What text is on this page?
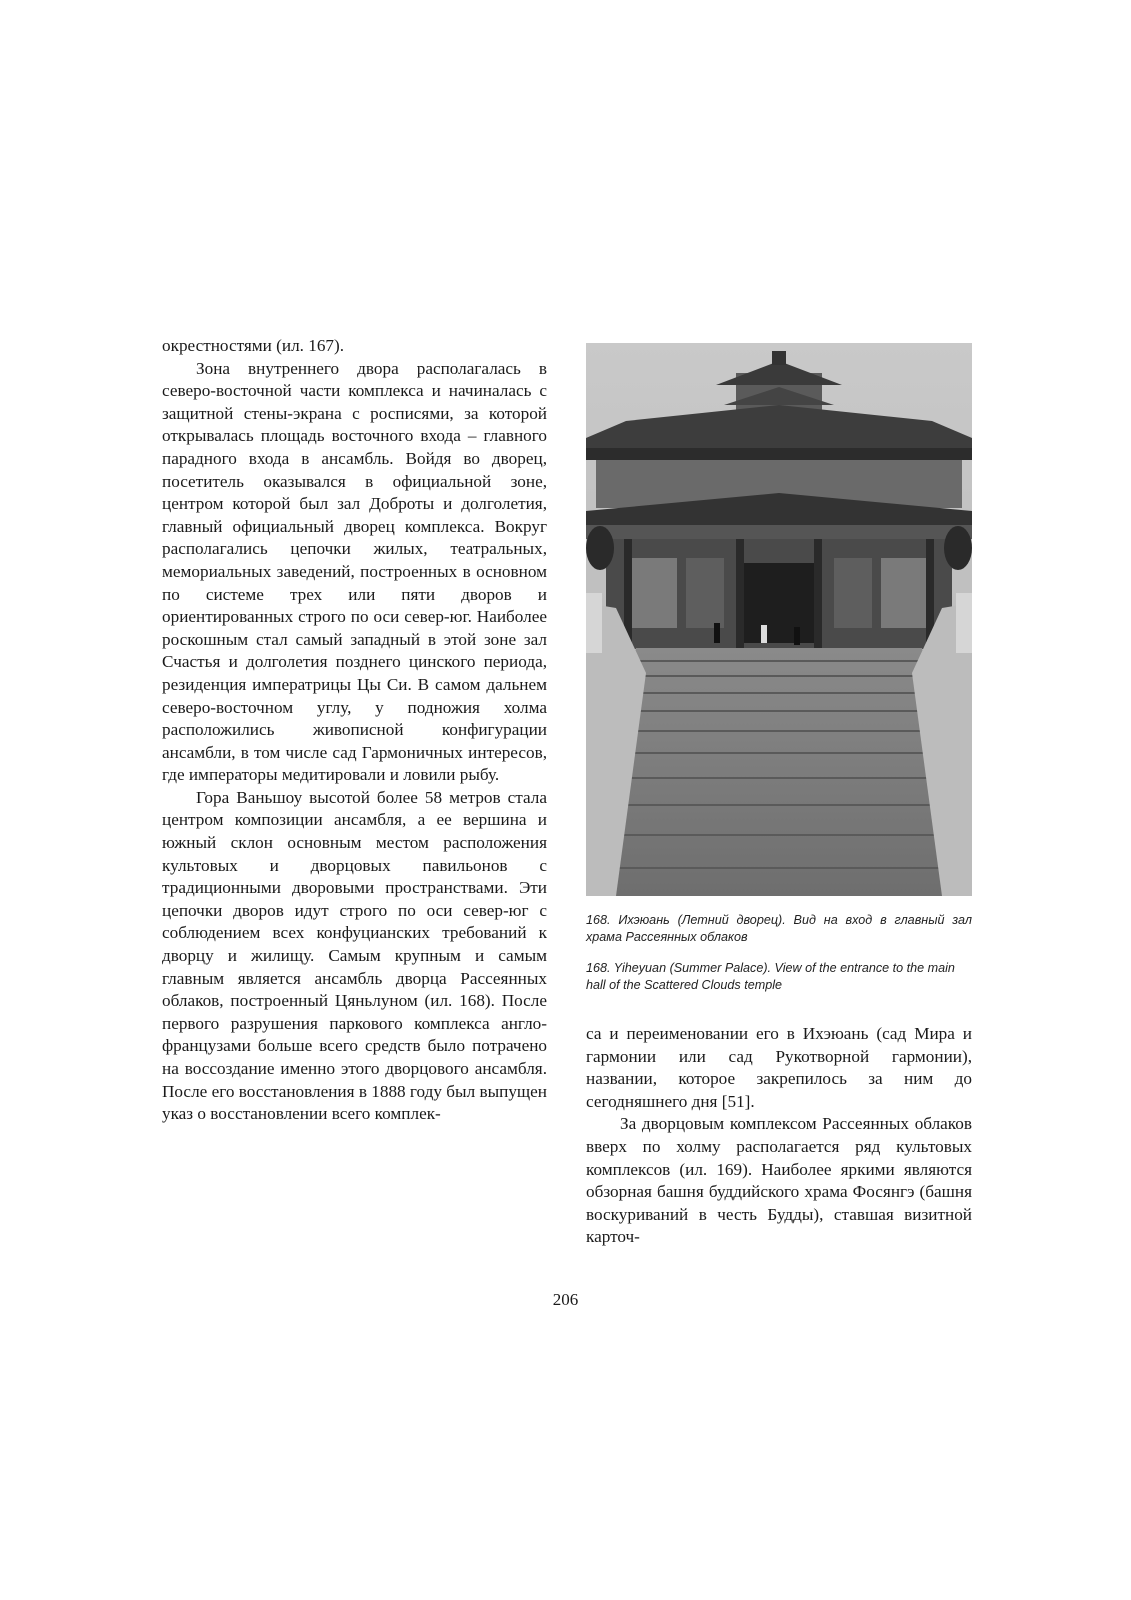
окрестностями (ил. 167).

Зона внутреннего двора располагалась в северо-восточной части комплекса и начиналась с защитной стены-экрана с росписями, за которой открывалась площадь восточного входа – главного парадного входа в ансамбль. Войдя во дворец, посетитель оказывался в официальной зоне, центром которой был зал Доброты и долголетия, главный официальный дворец комплекса. Вокруг располагались цепочки жилых, театральных, мемориальных заведений, построенных в основном по системе трех или пяти дворов и ориентированных строго по оси север-юг. Наиболее роскошным стал самый западный в этой зоне зал Счастья и долголетия позднего цинского периода, резиденция императрицы Цы Си. В самом дальнем северо-восточном углу, у подножия холма расположились живописной конфигурации ансамбли, в том числе сад Гармоничных интересов, где императоры медитировали и ловили рыбу.

Гора Ваньшоу высотой более 58 метров стала центром композиции ансамбля, а ее вершина и южный склон основным местом расположения культовых и дворцовых павильонов с традиционными дворовыми пространствами. Эти цепочки дворов идут строго по оси север-юг с соблюдением всех конфуцианских требований к дворцу и жилищу. Самым крупным и самым главным является ансамбль дворца Рассеянных облаков, построенный Цяньлуном (ил. 168). После первого разрушения паркового комплекса англо-французами больше всего средств было потрачено на воссоздание именно этого дворцового ансамбля. После его восстановления в 1888 году был выпущен указ о восстановлении всего комплек-

168. Ихэюань (Летний дворец). Вид на вход в главный зал храма Рассеянных облаков
168. Yiheyuan (Summer Palace). View of the entrance to the main hall of the Scattered Clouds temple

са и переименовании его в Ихэюань (сад Мира и гармонии или сад Рукотворной гармонии), названии, которое закрепилось за ним до сегодняшнего дня [51].

За дворцовым комплексом Рассеянных облаков вверх по холму располагается ряд культовых комплексов (ил. 169). Наиболее яркими являются обзорная башня буддийского храма Фосянгэ (башня воскуриваний в честь Будды), ставшая визитной карточ-

206
